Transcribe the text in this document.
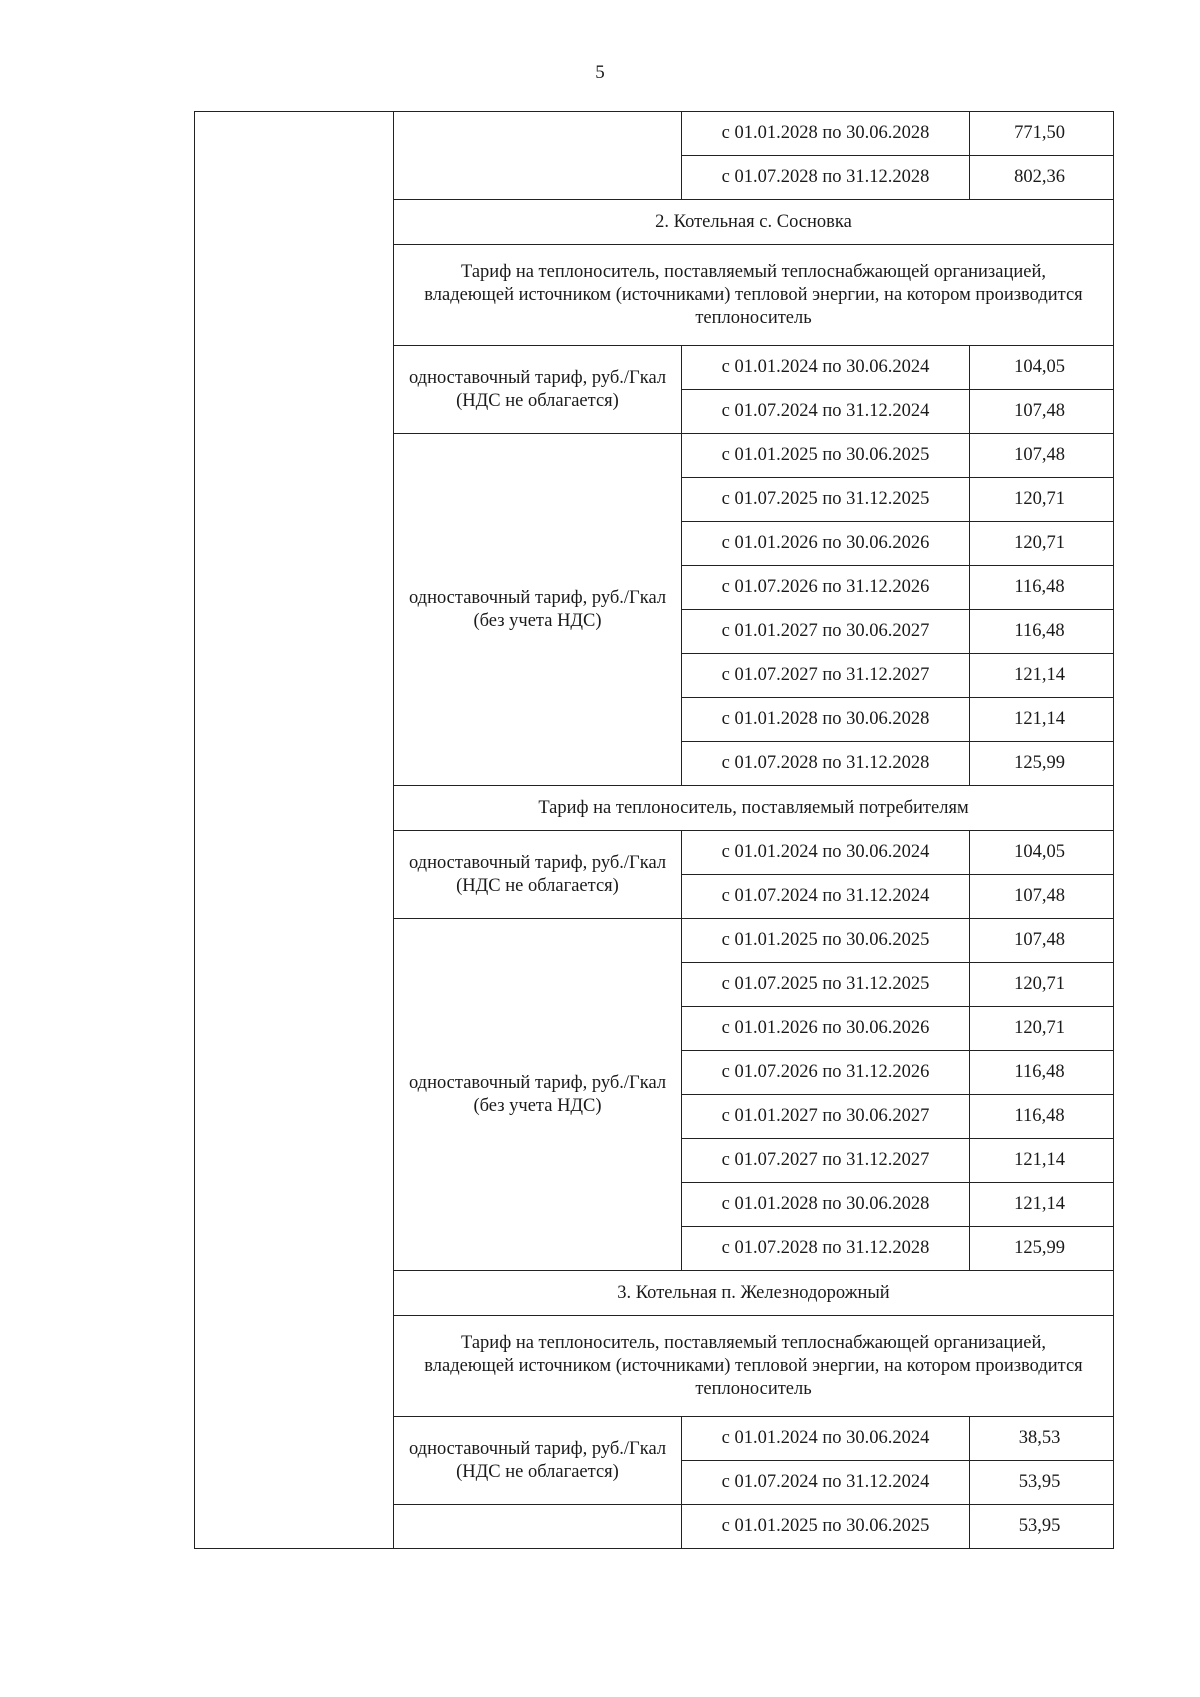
5
		с 01.01.2028 по 30.06.2028	771,50
		с 01.07.2028 по 31.12.2028	802,36
	2. Котельная с. Сосновка		
	Тариф на теплоноситель, поставляемый теплоснабжающей организацией, владеющей источником (источниками) тепловой энергии, на котором производится теплоноситель		
	одноставочный тариф, руб./Гкал (НДС не облагается)	с 01.01.2024 по 30.06.2024	104,05
		с 01.07.2024 по 31.12.2024	107,48
	одноставочный тариф, руб./Гкал (без учета НДС)	с 01.01.2025 по 30.06.2025	107,48
		с 01.07.2025 по 31.12.2025	120,71
		с 01.01.2026 по 30.06.2026	120,71
		с 01.07.2026 по 31.12.2026	116,48
		с 01.01.2027 по 30.06.2027	116,48
		с 01.07.2027 по 31.12.2027	121,14
		с 01.01.2028 по 30.06.2028	121,14
		с 01.07.2028 по 31.12.2028	125,99
	Тариф на теплоноситель, поставляемый потребителям		
	одноставочный тариф, руб./Гкал (НДС не облагается)	с 01.01.2024 по 30.06.2024	104,05
		с 01.07.2024 по 31.12.2024	107,48
	одноставочный тариф, руб./Гкал (без учета НДС)	с 01.01.2025 по 30.06.2025	107,48
		с 01.07.2025 по 31.12.2025	120,71
		с 01.01.2026 по 30.06.2026	120,71
		с 01.07.2026 по 31.12.2026	116,48
		с 01.01.2027 по 30.06.2027	116,48
		с 01.07.2027 по 31.12.2027	121,14
		с 01.01.2028 по 30.06.2028	121,14
		с 01.07.2028 по 31.12.2028	125,99
	3. Котельная п. Железнодорожный		
	Тариф на теплоноситель, поставляемый теплоснабжающей организацией, владеющей источником (источниками) тепловой энергии, на котором производится теплоноситель		
	одноставочный тариф, руб./Гкал (НДС не облагается)	с 01.01.2024 по 30.06.2024	38,53
		с 01.07.2024 по 31.12.2024	53,95
		с 01.01.2025 по 30.06.2025	53,95
